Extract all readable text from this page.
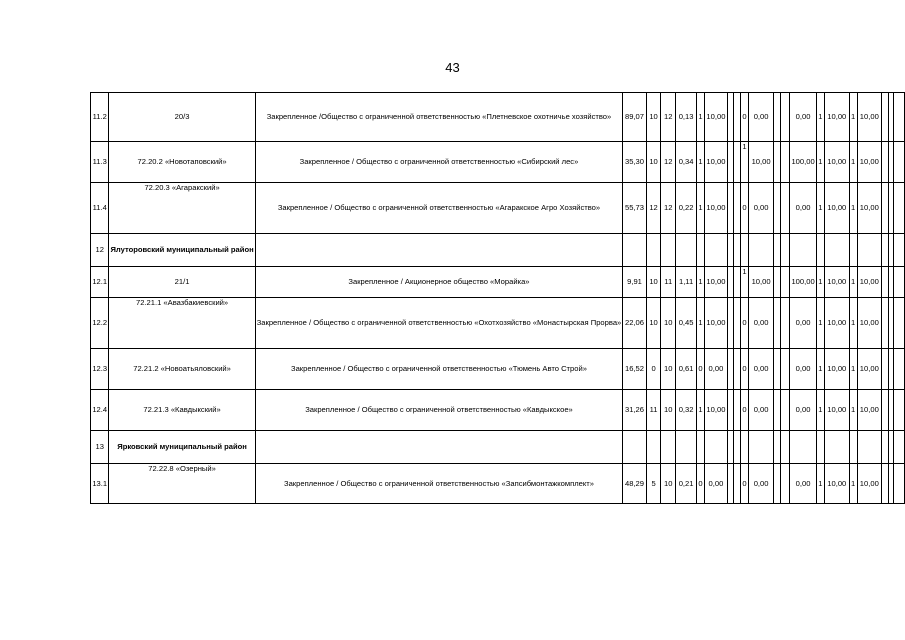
43
11.2	20/3	Закрепленное /Общество с ограниченной ответственностью «Плетневское охотничье хозяйство»	89,07	10	12	0,13	1	10,00			0	0,00			0,00	1	10,00	1	10,00			
11.3	72.20.2 «Новотаповский»	Закрепленное / Общество с ограниченной ответственностью «Сибирский лес»	35,30	10	12	0,34	1	10,00			1	10,00			100,00	1	10,00	1	10,00			
11.4	72.20.3 «Агаракский»	Закрепленное / Общество с ограниченной ответственностью «Агаракское Агро Хозяйство»	55,73	12	12	0,22	1	10,00			0	0,00			0,00	1	10,00	1	10,00			
12	Ялуторовский муниципальный район																					
12.1	21/1	Закрепленное / Акционерное общество «Морайка»	9,91	10	11	1,11	1	10,00			1	10,00			100,00	1	10,00	1	10,00			
12.2	72.21.1 «Авазбакиевский»	Закрепленное / Общество с ограниченной ответственностью «Охотхозяйство «Монастырская Прорва»	22,06	10	10	0,45	1	10,00			0	0,00			0,00	1	10,00	1	10,00			
12.3	72.21.2 «Новоатьяловский»	Закрепленное / Общество с ограниченной ответственностью «Тюмень Авто Строй»	16,52	0	10	0,61	0	0,00			0	0,00			0,00	1	10,00	1	10,00			
12.4	72.21.3 «Кавдыкский»	Закрепленное / Общество с ограниченной ответственностью «Кавдыкское»	31,26	11	10	0,32	1	10,00			0	0,00			0,00	1	10,00	1	10,00			
13	Ярковский муниципальный район																					
13.1	72.22.8 «Озерный»	Закрепленное / Общество с ограниченной ответственностью «Запсибмонтажкомплект»	48,29	5	10	0,21	0	0,00			0	0,00			0,00	1	10,00	1	10,00			
